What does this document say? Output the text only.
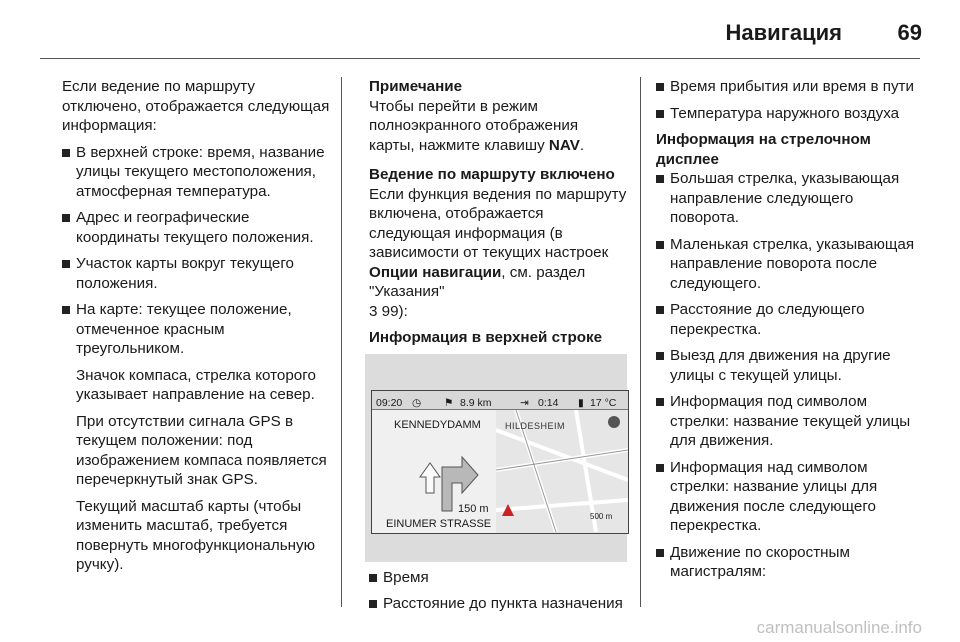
Навигация	69

Если ведение по маршруту отключено, отображается следующая информация:

В верхней строке: время, название улицы текущего местоположения, атмосферная температура.
Адрес и географические координаты текущего положения.
Участок карты вокруг текущего положения.
На карте: текущее положение, отмеченное красным треугольником.
Значок компаса, стрелка которого указывает направление на север.
При отсутствии сигнала GPS в текущем положении: под изображением компаса появляется перечеркнутый знак GPS.
Текущий масштаб карты (чтобы изменить масштаб, требуется повернуть многофункциональную ручку).
Примечание

Чтобы перейти в режим полноэкранного отображения карты, нажмите клавишу NAV.

Ведение по маршруту включено

Если функция ведения по маршруту включена, отображается следующая информация (в зависимости от текущих настроек Опции навигации, см. раздел "Указания"
3 99):

Информация в верхней строке
09:20 ◷ ⚑ 8.9 km	⇥ 0:14 ▮ 17 °C
KENNEDYDAMM
150 m
EINUMER STRASSE
HILDESHEIM
500 m
Время
Расстояние до пункта назначения
Время прибытия или время в пути
Температура наружного воздуха
Информация на стрелочном дисплее
Большая стрелка, указывающая направление следующего поворота.
Маленькая стрелка, указывающая направление поворота после следующего.
Расстояние до следующего перекрестка.
Выезд для движения на другие улицы с текущей улицы.
Информация под символом стрелки: название текущей улицы для движения.
Информация над символом стрелки: название улицы для движения после следующего перекрестка.
Движение по скоростным магистралям:
carmanualsonline.info
